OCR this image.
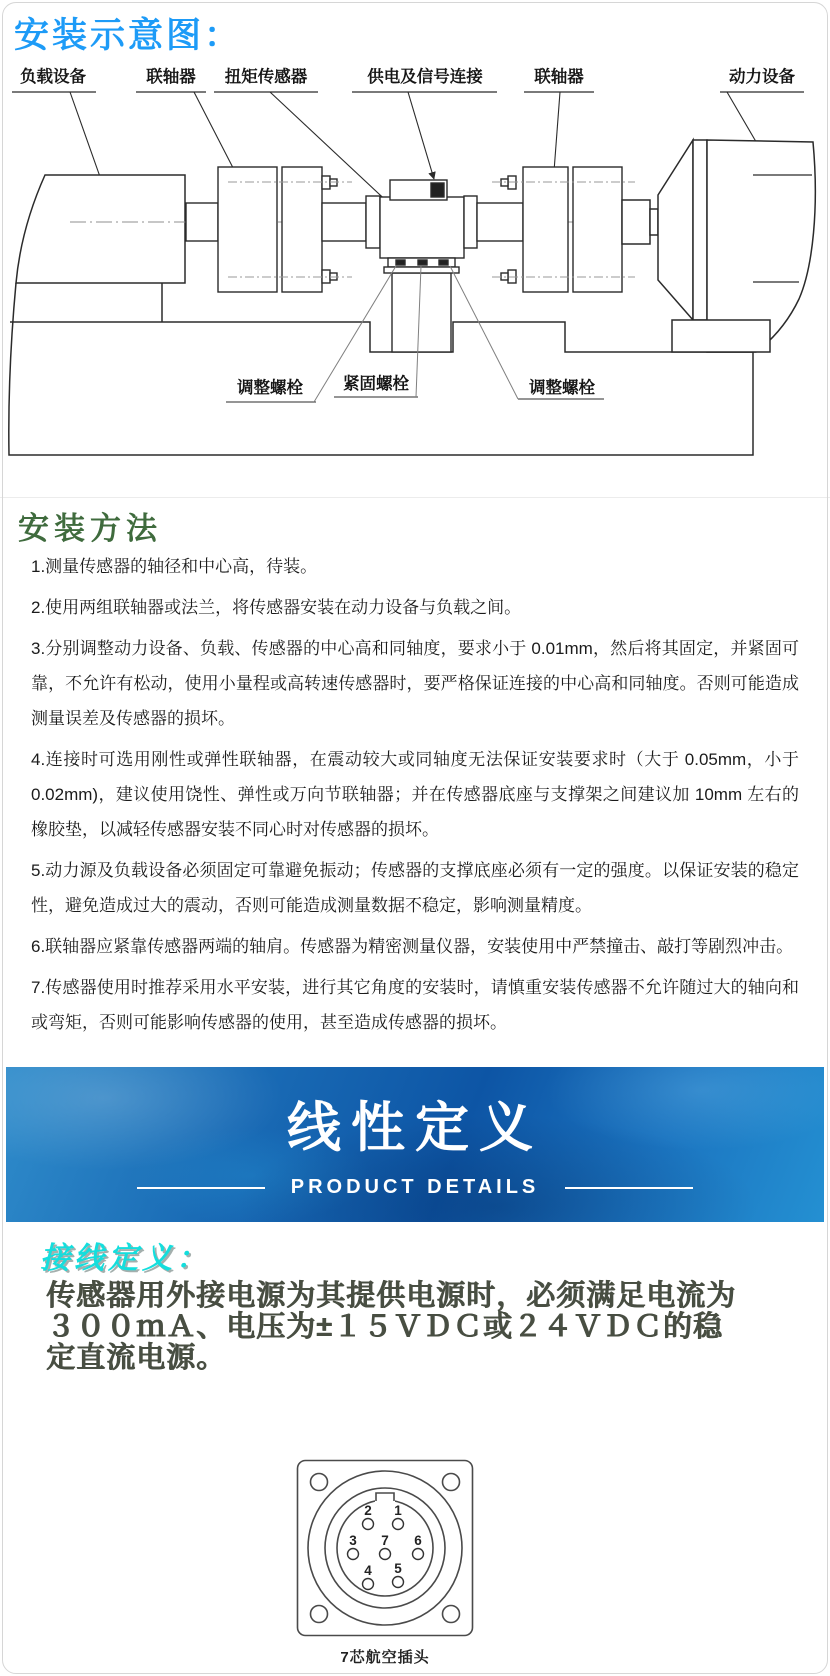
安装示意图：
负载设备	联轴器 扭矩传感器	供电及信号连接	联轴器	动力设备
调整螺栓 紧固螺栓	调整螺栓
安装方法

1.测量传感器的轴径和中心高，待装。

2.使用两组联轴器或法兰，将传感器安装在动力设备与负载之间。

3.分别调整动力设备、负载、传感器的中心高和同轴度，要求小于 0.01mm，然后将其固定，并紧固可靠，不允许有松动，使用小量程或高转速传感器时，要严格保证连接的中心高和同轴度。否则可能造成测量误差及传感器的损坏。

4.连接时可选用刚性或弹性联轴器，在震动较大或同轴度无法保证安装要求时（大于 0.05mm，小于 0.02mm)，建议使用饶性、弹性或万向节联轴器；并在传感器底座与支撑架之间建议加 10mm 左右的橡胶垫，以减轻传感器安装不同心时对传感器的损坏。

5.动力源及负载设备必须固定可靠避免振动；传感器的支撑底座必须有一定的强度。以保证安装的稳定性，避免造成过大的震动，否则可能造成测量数据不稳定，影响测量精度。

6.联轴器应紧靠传感器两端的轴肩。传感器为精密测量仪器，安装使用中严禁撞击、敲打等剧烈冲击。

7.传感器使用时推荐采用水平安装，进行其它角度的安装时，请慎重安装传感器不允许随过大的轴向和或弯矩，否则可能影响传感器的使用，甚至造成传感器的损坏。

线性定义
PRODUCT DETAILS
接线定义：
传感器用外接电源为其提供电源时，必须满足电流为
３００ｍＡ、电压为±１５ＶＤＣ或２４ＶＤＣ的稳
定直流电源。
1
2
3
4 5
6
7
7芯航空插头
